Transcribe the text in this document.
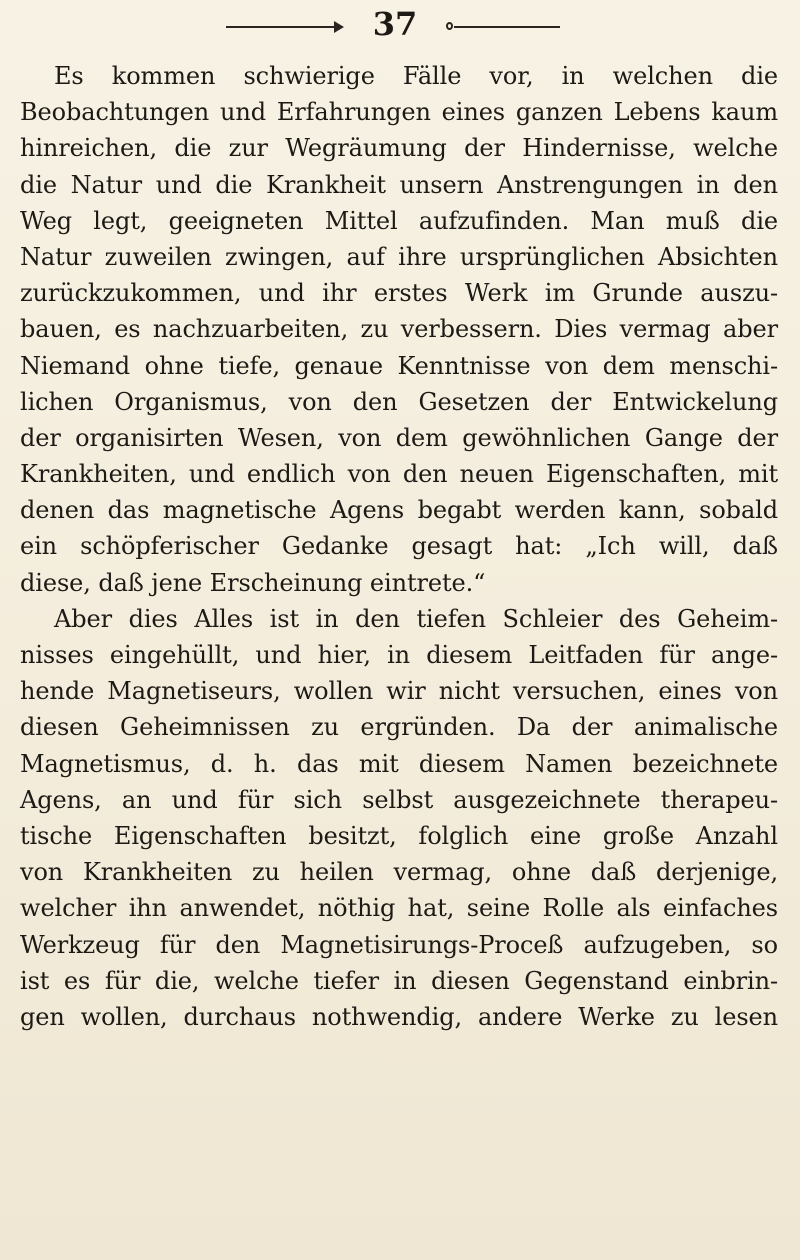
37
Es kommen schwierige Fälle vor, in welchen die
Beobachtungen und Erfahrungen eines ganzen Lebens kaum
hinreichen, die zur Wegräumung der Hindernisse, welche
die Natur und die Krankheit unsern Anstrengungen in den
Weg legt, geeigneten Mittel aufzufinden. Man muß die
Natur zuweilen zwingen, auf ihre ursprünglichen Absichten
zurückzukommen, und ihr erstes Werk im Grunde auszu-
bauen, es nachzuarbeiten, zu verbessern. Dies vermag aber
Niemand ohne tiefe, genaue Kenntnisse von dem menschi-
lichen Organismus, von den Gesetzen der Entwickelung
der organisirten Wesen, von dem gewöhnlichen Gange der
Krankheiten, und endlich von den neuen Eigenschaften, mit
denen das magnetische Agens begabt werden kann, sobald
ein schöpferischer Gedanke gesagt hat: „Ich will, daß
diese, daß jene Erscheinung eintrete.“
Aber dies Alles ist in den tiefen Schleier des Geheim-
nisses eingehüllt, und hier, in diesem Leitfaden für ange-
hende Magnetiseurs, wollen wir nicht versuchen, eines von
diesen Geheimnissen zu ergründen. Da der animalische
Magnetismus, d. h. das mit diesem Namen bezeichnete
Agens, an und für sich selbst ausgezeichnete therapeu-
tische Eigenschaften besitzt, folglich eine große Anzahl
von Krankheiten zu heilen vermag, ohne daß derjenige,
welcher ihn anwendet, nöthig hat, seine Rolle als einfaches
Werkzeug für den Magnetisirungs-Proceß aufzugeben, so
ist es für die, welche tiefer in diesen Gegenstand einbrin-
gen wollen, durchaus nothwendig, andere Werke zu lesen
